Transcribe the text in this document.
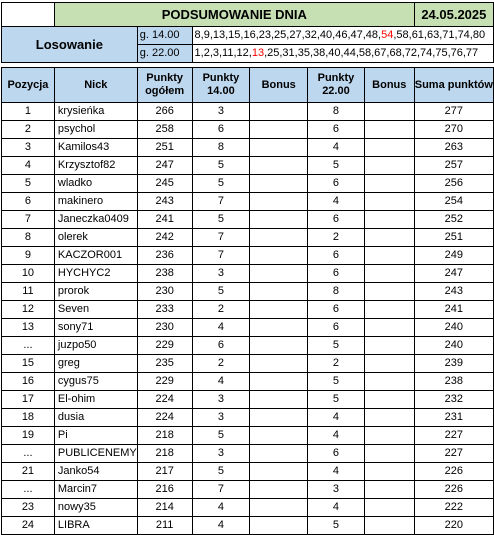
	PODSUMOWANIE DNIA						24.05.2025
Losowanie		g. 14.00	8,9,13,15,16,23,25,27,32,40,46,47,48,54,58,61,63,71,74,80				
		g. 22.00	1,2,3,11,12,13,25,31,35,38,40,44,58,67,68,72,74,75,76,77				

Pozycja	Nick	Punkty ogółem	Punkty 14.00	Bonus	Punkty 22.00	Bonus	Suma punktów
1	krysieńka	266	3		8		277
2	psychol	258	6		6		270
3	Kamilos43	251	8		4		263
4	Krzysztof82	247	5		5		257
5	wladko	245	5		6		256
6	makinero	243	7		4		254
7	Janeczka0409	241	5		6		252
8	olerek	242	7		2		251
9	KACZOR001	236	7		6		249
10	HYCHYC2	238	3		6		247
11	prorok	230	5		8		243
12	Seven	233	2		6		241
13	sony71	230	4		6		240
...	juzpo50	229	6		5		240
15	greg	235	2		2		239
16	cygus75	229	4		5		238
17	El-ohim	224	3		5		232
18	dusia	224	3		4		231
19	Pi	218	5		4		227
...	PUBLICENEMY	218	3		6		227
21	Janko54	217	5		4		226
...	Marcin7	216	7		3		226
23	nowy35	214	4		4		222
24	LIBRA	211	4		5		220
